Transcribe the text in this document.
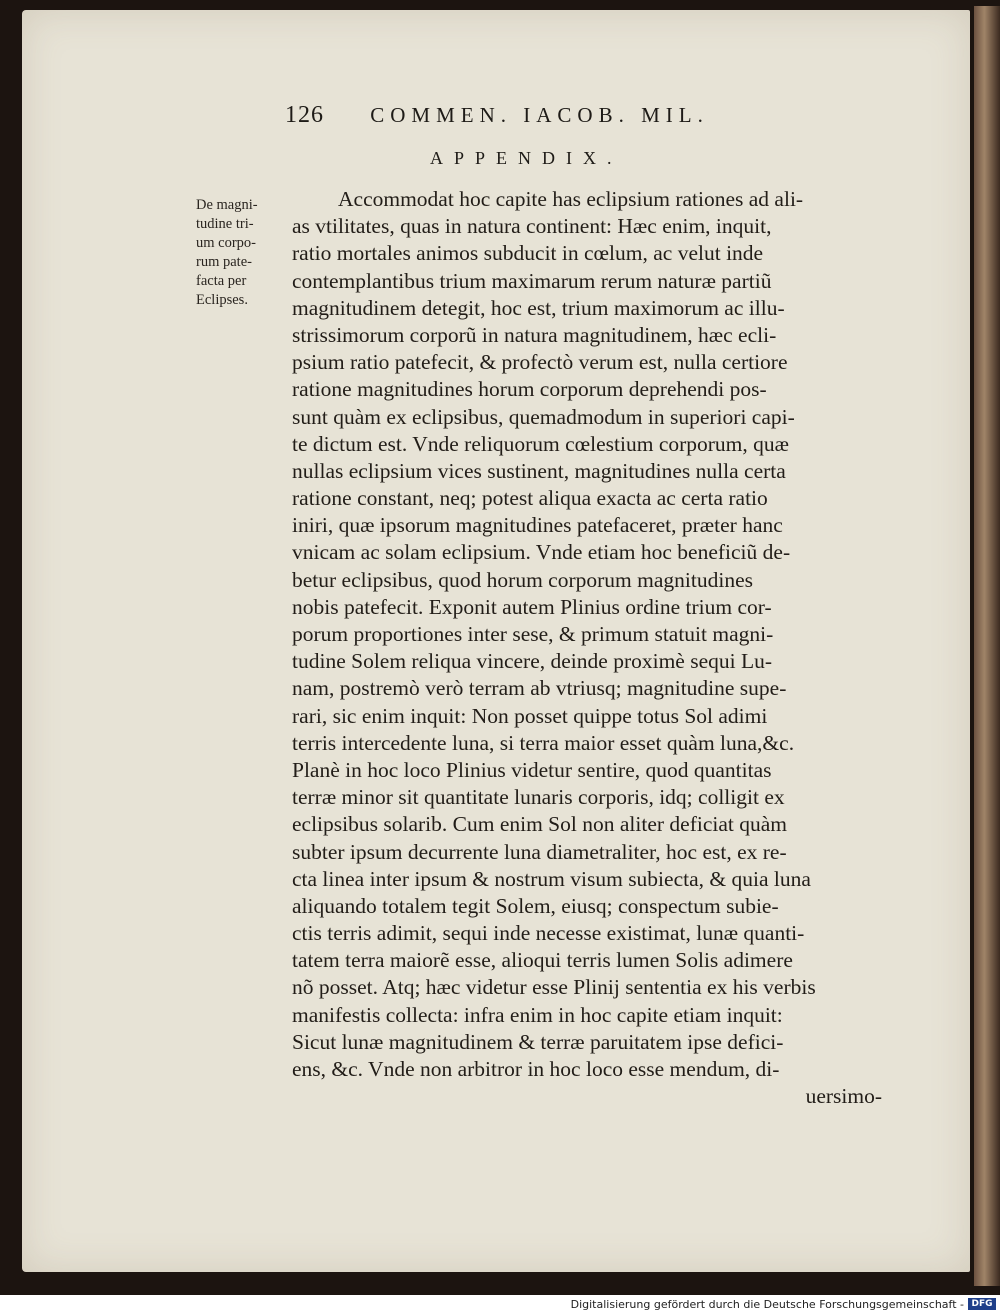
126 COMMEN. IACOB. MIL.
APPENDIX.
De magni-
tudine tri-
um corpo-
rum pate-
facta per
Eclipses.
Accommodat hoc capite has eclipsium rationes ad ali-
as vtilitates, quas in natura continent: Hæc enim, inquit,
ratio mortales animos subducit in cœlum, ac velut inde
contemplantibus trium maximarum rerum naturæ partiũ
magnitudinem detegit, hoc est, trium maximorum ac illu-
strissimorum corporũ in natura magnitudinem, hæc ecli-
psium ratio patefecit, & profectò verum est, nulla certiore
ratione magnitudines horum corporum deprehendi pos-
sunt quàm ex eclipsibus, quemadmodum in superiori capi-
te dictum est. Vnde reliquorum cœlestium corporum, quæ
nullas eclipsium vices sustinent, magnitudines nulla certa
ratione constant, neq; potest aliqua exacta ac certa ratio
iniri, quæ ipsorum magnitudines patefaceret, præter hanc
vnicam ac solam eclipsium. Vnde etiam hoc beneficiũ de-
betur eclipsibus, quod horum corporum magnitudines
nobis patefecit. Exponit autem Plinius ordine trium cor-
porum proportiones inter sese, & primum statuit magni-
tudine Solem reliqua vincere, deinde proximè sequi Lu-
nam, postremò verò terram ab vtriusq; magnitudine supe-
rari, sic enim inquit: Non posset quippe totus Sol adimi
terris intercedente luna, si terra maior esset quàm luna,&c.
Planè in hoc loco Plinius videtur sentire, quod quantitas
terræ minor sit quantitate lunaris corporis, idq; colligit ex
eclipsibus solarib. Cum enim Sol non aliter deficiat quàm
subter ipsum decurrente luna diametraliter, hoc est, ex re-
cta linea inter ipsum & nostrum visum subiecta, & quia luna
aliquando totalem tegit Solem, eiusq; conspectum subie-
ctis terris adimit, sequi inde necesse existimat, lunæ quanti-
tatem terra maiorẽ esse, alioqui terris lumen Solis adimere
nõ posset. Atq; hæc videtur esse Plinij sententia ex his verbis
manifestis collecta: infra enim in hoc capite etiam inquit:
Sicut lunæ magnitudinem & terræ paruitatem ipse defici-
ens, &c. Vnde non arbitror in hoc loco esse mendum, di-
uersimo-
Digitalisierung gefördert durch die Deutsche Forschungsgemeinschaft - DFG
